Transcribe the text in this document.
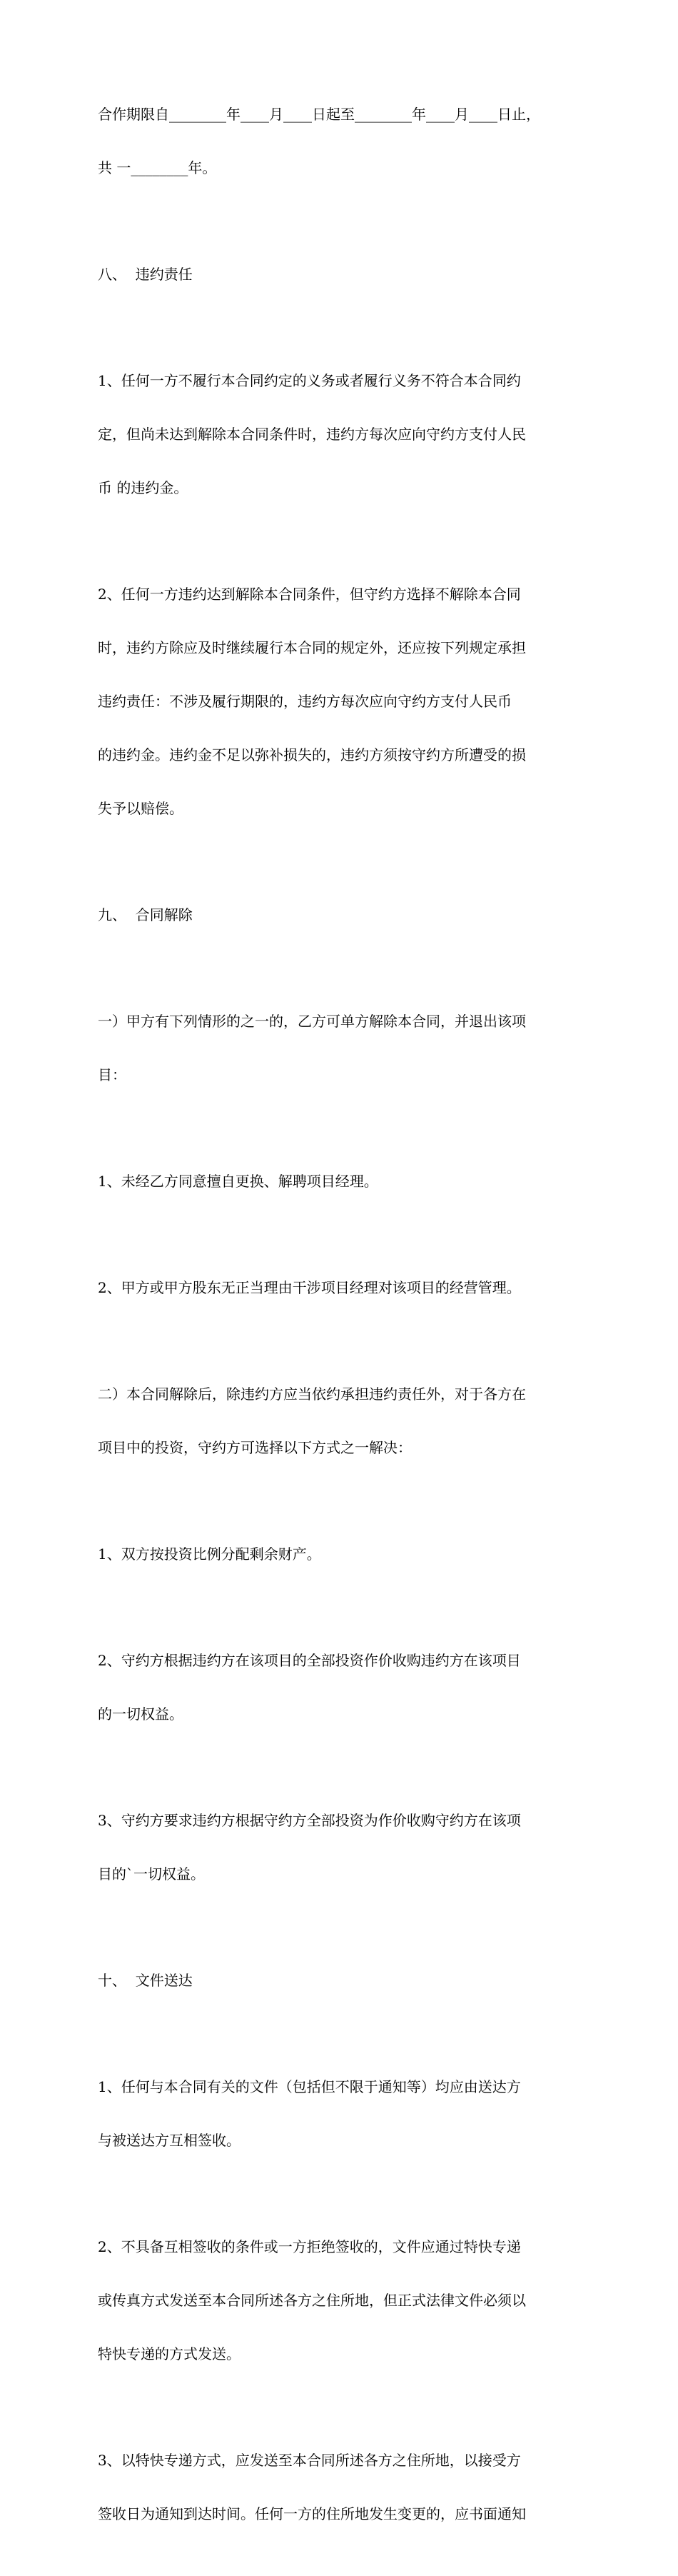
合作期限自________年____月____日起至________年____月____日止，

共 一________年。

八、  违约责任

1、任何一方不履行本合同约定的义务或者履行义务不符合本合同约

定，但尚未达到解除本合同条件时，违约方每次应向守约方支付人民

币 的违约金。

2、任何一方违约达到解除本合同条件，但守约方选择不解除本合同

时，违约方除应及时继续履行本合同的规定外，还应按下列规定承担

违约责任：不涉及履行期限的，违约方每次应向守约方支付人民币

的违约金。违约金不足以弥补损失的，违约方须按守约方所遭受的损

失予以赔偿。

九、  合同解除

一）甲方有下列情形的之一的，乙方可单方解除本合同，并退出该项

目：

1、未经乙方同意擅自更换、解聘项目经理。

2、甲方或甲方股东无正当理由干涉项目经理对该项目的经营管理。

二）本合同解除后，除违约方应当依约承担违约责任外，对于各方在

项目中的投资，守约方可选择以下方式之一解决：

1、双方按投资比例分配剩余财产。

2、守约方根据违约方在该项目的全部投资作价收购违约方在该项目

的一切权益。

3、守约方要求违约方根据守约方全部投资为作价收购守约方在该项

目的`一切权益。

十、  文件送达

1、任何与本合同有关的文件（包括但不限于通知等）均应由送达方

与被送达方互相签收。

2、不具备互相签收的条件或一方拒绝签收的，文件应通过特快专递

或传真方式发送至本合同所述各方之住所地，但正式法律文件必须以

特快专递的方式发送。

3、以特快专递方式，应发送至本合同所述各方之住所地，以接受方

签收日为通知到达时间。任何一方的住所地发生变更的，应书面通知
